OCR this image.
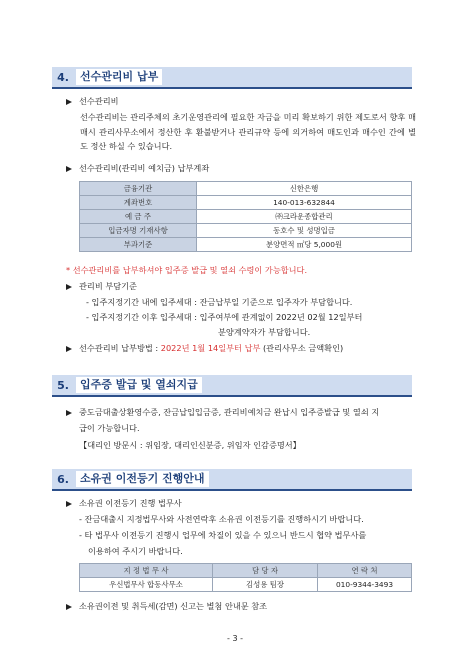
4.	선수관리비 납부
선수관리비
선수관리비는 관리주체의 초기운영관리에 필요한 자금을 미리 확보하기 위한 제도로서 향후 매매시 관리사무소에서 정산한 후 환불받거나 관리규약 등에 의거하여 매도인과 매수인 간에 별도 정산 하실 수 있습니다.
선수관리비(관리비 예치금) 납부계좌
금융기관	신한은행
계좌번호	140-013-632844
예 금 주	㈜크라운종합관리
입금자명 기재사항	동호수 및 성명입금
부과기준	분양면적 ㎡당 5,000원
* 선수관리비를 납부하셔야 입주증 발급 및 열쇠 수령이 가능합니다.
관리비 부담기준
- 입주지정기간 내에 입주세대 : 잔금납부일 기준으로 입주자가 부담합니다.
- 입주지정기간 이후 입주세대 : 입주여부에 관계없이 2022년 02월 12일부터
분양계약자가 부담합니다.
선수관리비 납부방법 : 2022년 1월 14일부터 납부 (관리사무소 금액확인)
5.	입주증 발급 및 열쇠지급
중도금대출상환영수증, 잔금납입입금증, 관리비예치금 완납시 입주증발급 및 열쇠 지
급이 가능합니다.
【대리인 방문시 : 위임장, 대리인신분증, 위임자 인감증명서】
6.	소유권 이전등기 진행안내
소유권 이전등기 진행 법무사
- 잔금대출시 지정법무사와 사전연락후 소유권 이전등기를 진행하시기 바랍니다.
- 타 법무사 이전등기 진행시 업무에 차질이 있을 수 있으니 반드시 협약 법무사를
이용하여 주시기 바랍니다.
지 정 법 무 사	담 당 자	연 락 처
우신법무사 합동사무소	김성용 팀장	010-9344-3493
소유권이전 및 취득세(감면) 신고는 별첨 안내문 참조
- 3 -
